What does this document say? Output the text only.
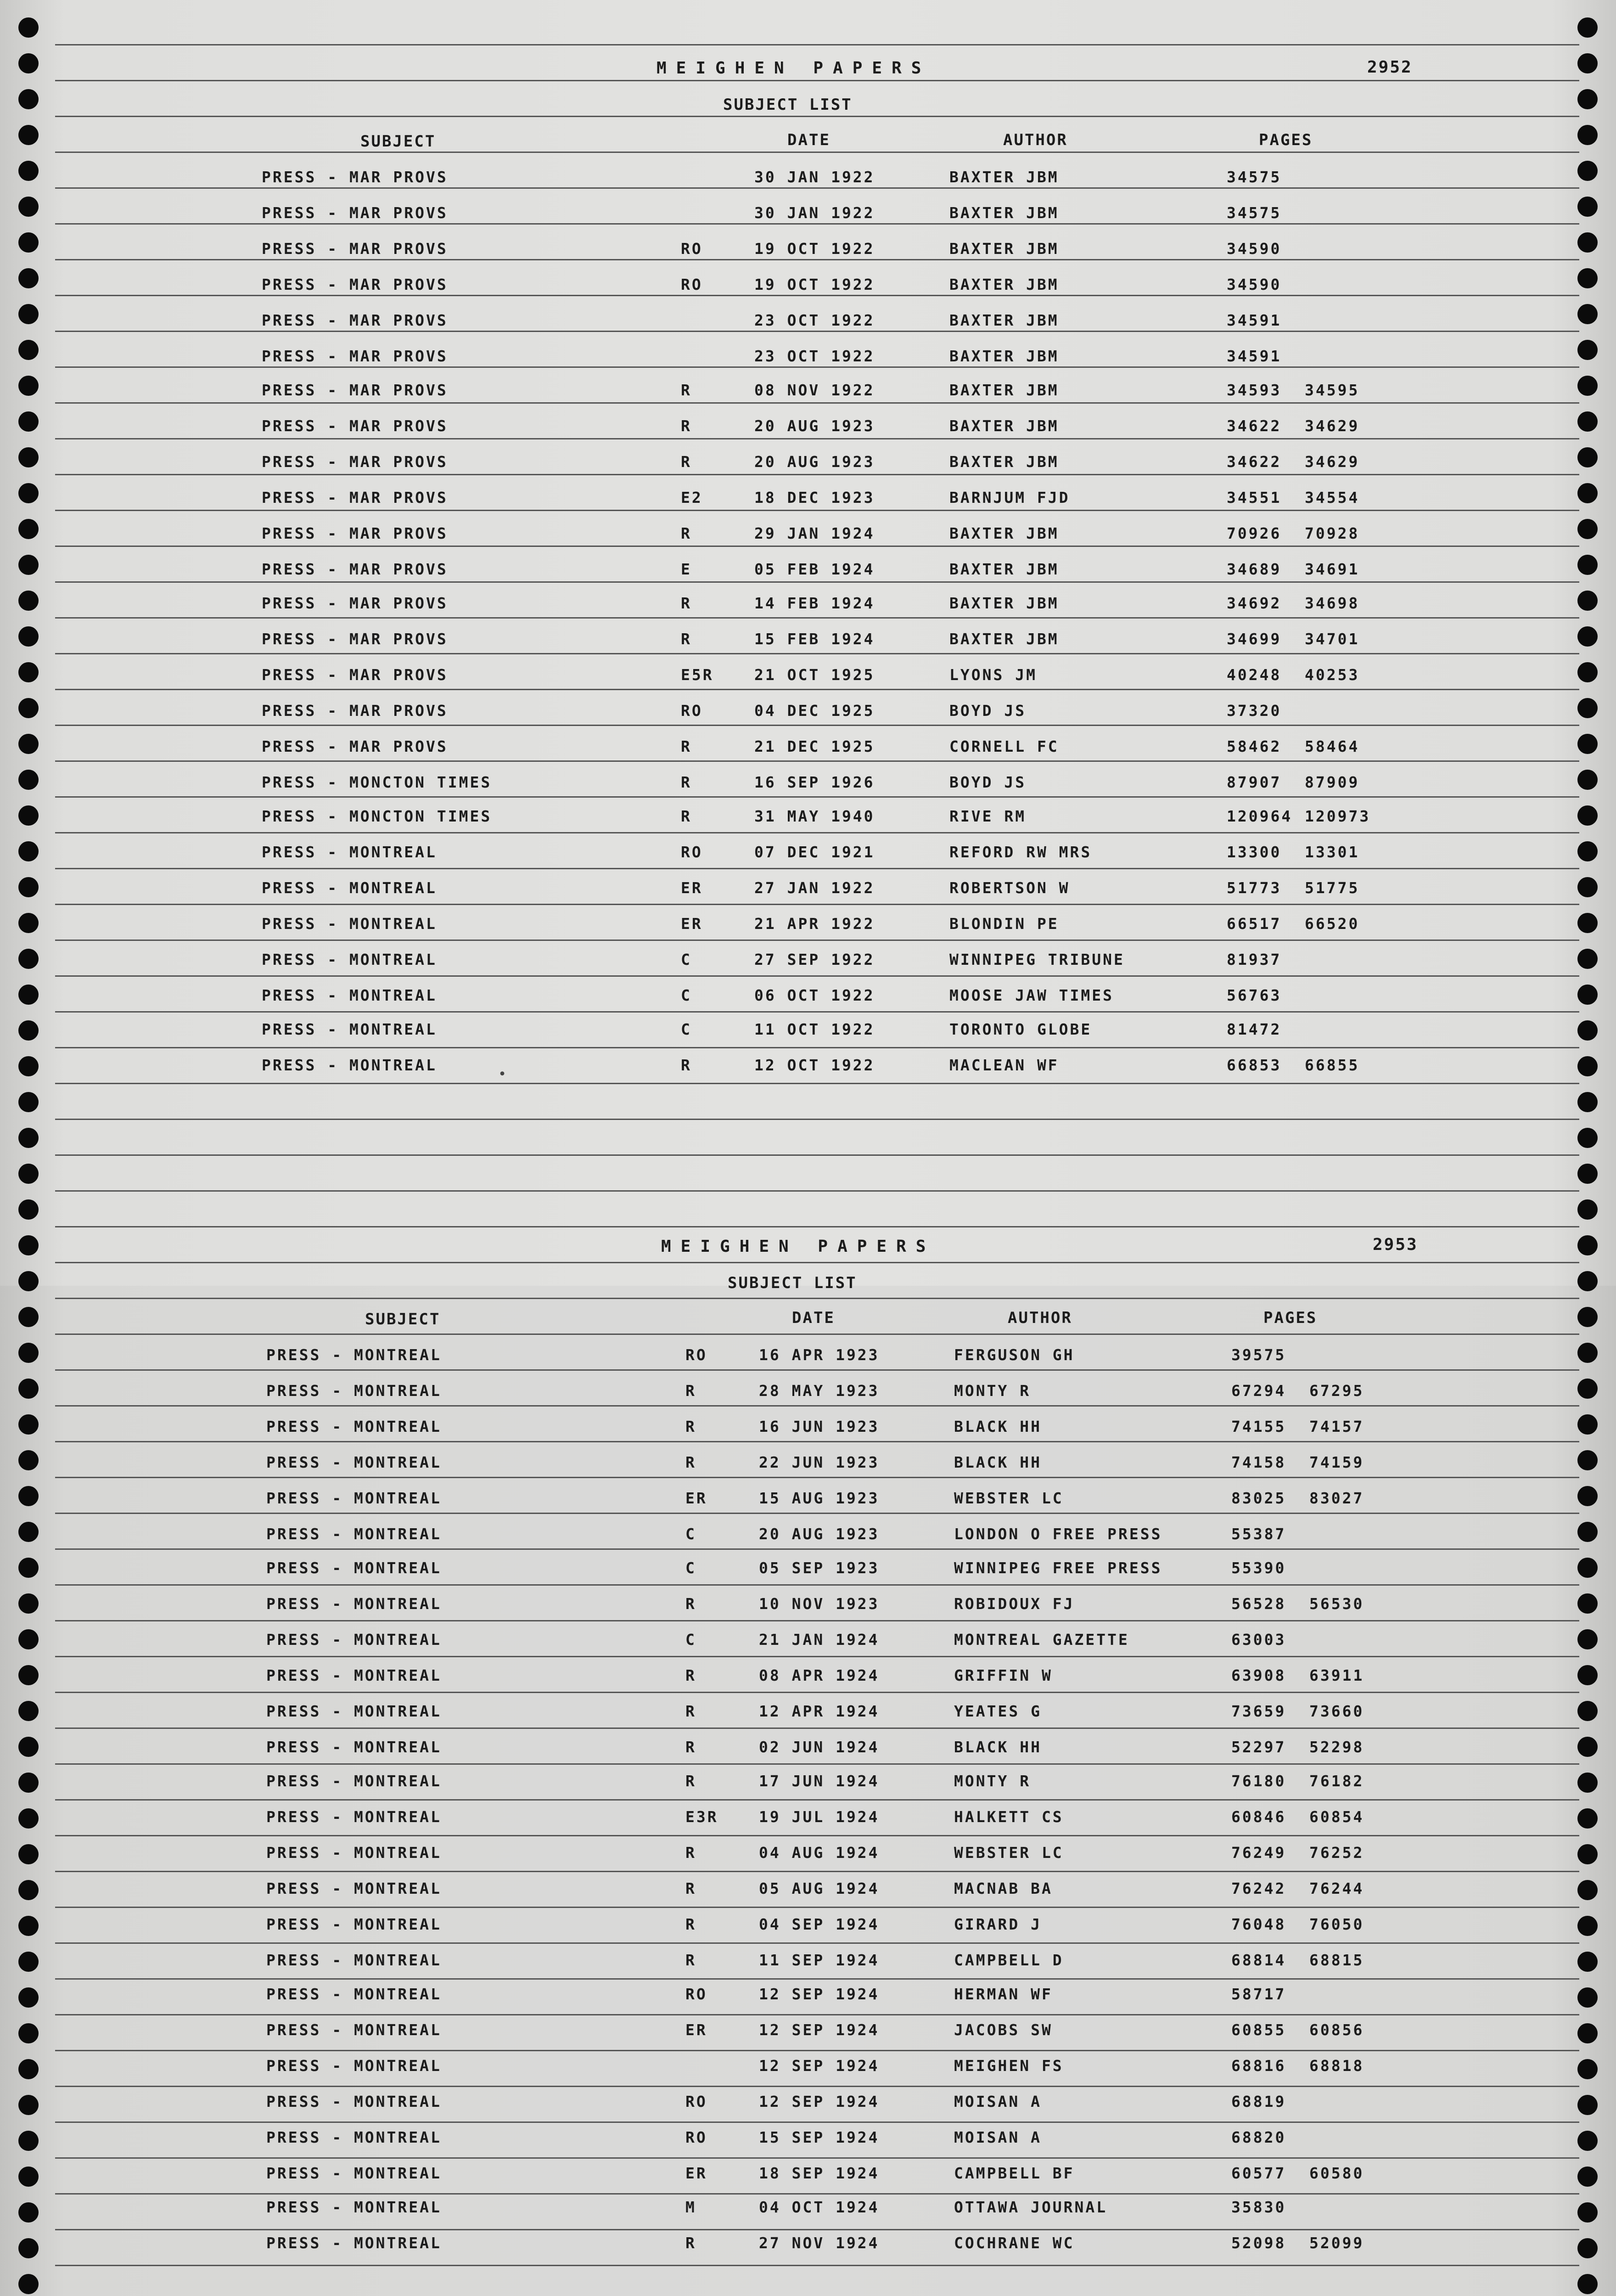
MEIGHEN PAPERS	2952
SUBJECT LIST
SUBJECT	DATE	AUTHOR	PAGES
PRESS - MAR PROVS	30 JAN 1922	BAXTER JBM	34575
PRESS - MAR PROVS	30 JAN 1922	BAXTER JBM	34575
PRESS - MAR PROVS	RO	19 OCT 1922	BAXTER JBM	34590
PRESS - MAR PROVS	RO	19 OCT 1922	BAXTER JBM	34590
PRESS - MAR PROVS	23 OCT 1922	BAXTER JBM	34591
PRESS - MAR PROVS	23 OCT 1922	BAXTER JBM	34591
PRESS - MAR PROVS	R	08 NOV 1922	BAXTER JBM	34593 34595
PRESS - MAR PROVS	R	20 AUG 1923	BAXTER JBM	34622 34629
PRESS - MAR PROVS	R	20 AUG 1923	BAXTER JBM	34622 34629
PRESS - MAR PROVS	E2	18 DEC 1923	BARNJUM FJD	34551 34554
PRESS - MAR PROVS	R	29 JAN 1924	BAXTER JBM	70926 70928
PRESS - MAR PROVS	E	05 FEB 1924	BAXTER JBM	34689 34691
PRESS - MAR PROVS	R	14 FEB 1924	BAXTER JBM	34692 34698
PRESS - MAR PROVS	R	15 FEB 1924	BAXTER JBM	34699 34701
PRESS - MAR PROVS	E5R	21 OCT 1925	LYONS JM	40248 40253
PRESS - MAR PROVS	RO	04 DEC 1925	BOYD JS	37320
PRESS - MAR PROVS	R	21 DEC 1925	CORNELL FC	58462 58464
PRESS - MONCTON TIMES	R	16 SEP 1926	BOYD JS	87907 87909
PRESS - MONCTON TIMES	R	31 MAY 1940	RIVE RM	120964 120973
PRESS - MONTREAL	RO	07 DEC 1921	REFORD RW MRS	13300 13301
PRESS - MONTREAL	ER	27 JAN 1922	ROBERTSON W	51773 51775
PRESS - MONTREAL	ER	21 APR 1922	BLONDIN PE	66517 66520
PRESS - MONTREAL	C	27 SEP 1922	WINNIPEG TRIBUNE	81937
PRESS - MONTREAL	C	06 OCT 1922	MOOSE JAW TIMES	56763
PRESS - MONTREAL	C	11 OCT 1922	TORONTO GLOBE	81472
PRESS - MONTREAL	R	12 OCT 1922	MACLEAN WF	66853 66855
•
MEIGHEN PAPERS	2953
SUBJECT LIST
SUBJECT	DATE	AUTHOR	PAGES
PRESS - MONTREAL	RO	16 APR 1923	FERGUSON GH	39575
PRESS - MONTREAL	R	28 MAY 1923	MONTY R	67294 67295
PRESS - MONTREAL	R	16 JUN 1923	BLACK HH	74155 74157
PRESS - MONTREAL	R	22 JUN 1923	BLACK HH	74158 74159
PRESS - MONTREAL	ER	15 AUG 1923	WEBSTER LC	83025 83027
PRESS - MONTREAL	C	20 AUG 1923	LONDON O FREE PRESS	55387
PRESS - MONTREAL	C	05 SEP 1923	WINNIPEG FREE PRESS	55390
PRESS - MONTREAL	R	10 NOV 1923	ROBIDOUX FJ	56528 56530
PRESS - MONTREAL	C	21 JAN 1924	MONTREAL GAZETTE	63003
PRESS - MONTREAL	R	08 APR 1924	GRIFFIN W	63908 63911
PRESS - MONTREAL	R	12 APR 1924	YEATES G	73659 73660
PRESS - MONTREAL	R	02 JUN 1924	BLACK HH	52297 52298
PRESS - MONTREAL	R	17 JUN 1924	MONTY R	76180 76182
PRESS - MONTREAL	E3R	19 JUL 1924	HALKETT CS	60846 60854
PRESS - MONTREAL	R	04 AUG 1924	WEBSTER LC	76249 76252
PRESS - MONTREAL	R	05 AUG 1924	MACNAB BA	76242 76244
PRESS - MONTREAL	R	04 SEP 1924	GIRARD J	76048 76050
PRESS - MONTREAL	R	11 SEP 1924	CAMPBELL D	68814 68815
PRESS - MONTREAL	RO	12 SEP 1924	HERMAN WF	58717
PRESS - MONTREAL	ER	12 SEP 1924	JACOBS SW	60855 60856
PRESS - MONTREAL	12 SEP 1924	MEIGHEN FS	68816 68818
PRESS - MONTREAL	RO	12 SEP 1924	MOISAN A	68819
PRESS - MONTREAL	RO	15 SEP 1924	MOISAN A	68820
PRESS - MONTREAL	ER	18 SEP 1924	CAMPBELL BF	60577 60580
PRESS - MONTREAL	M	04 OCT 1924	OTTAWA JOURNAL	35830
PRESS - MONTREAL	R	27 NOV 1924	COCHRANE WC	52098 52099
